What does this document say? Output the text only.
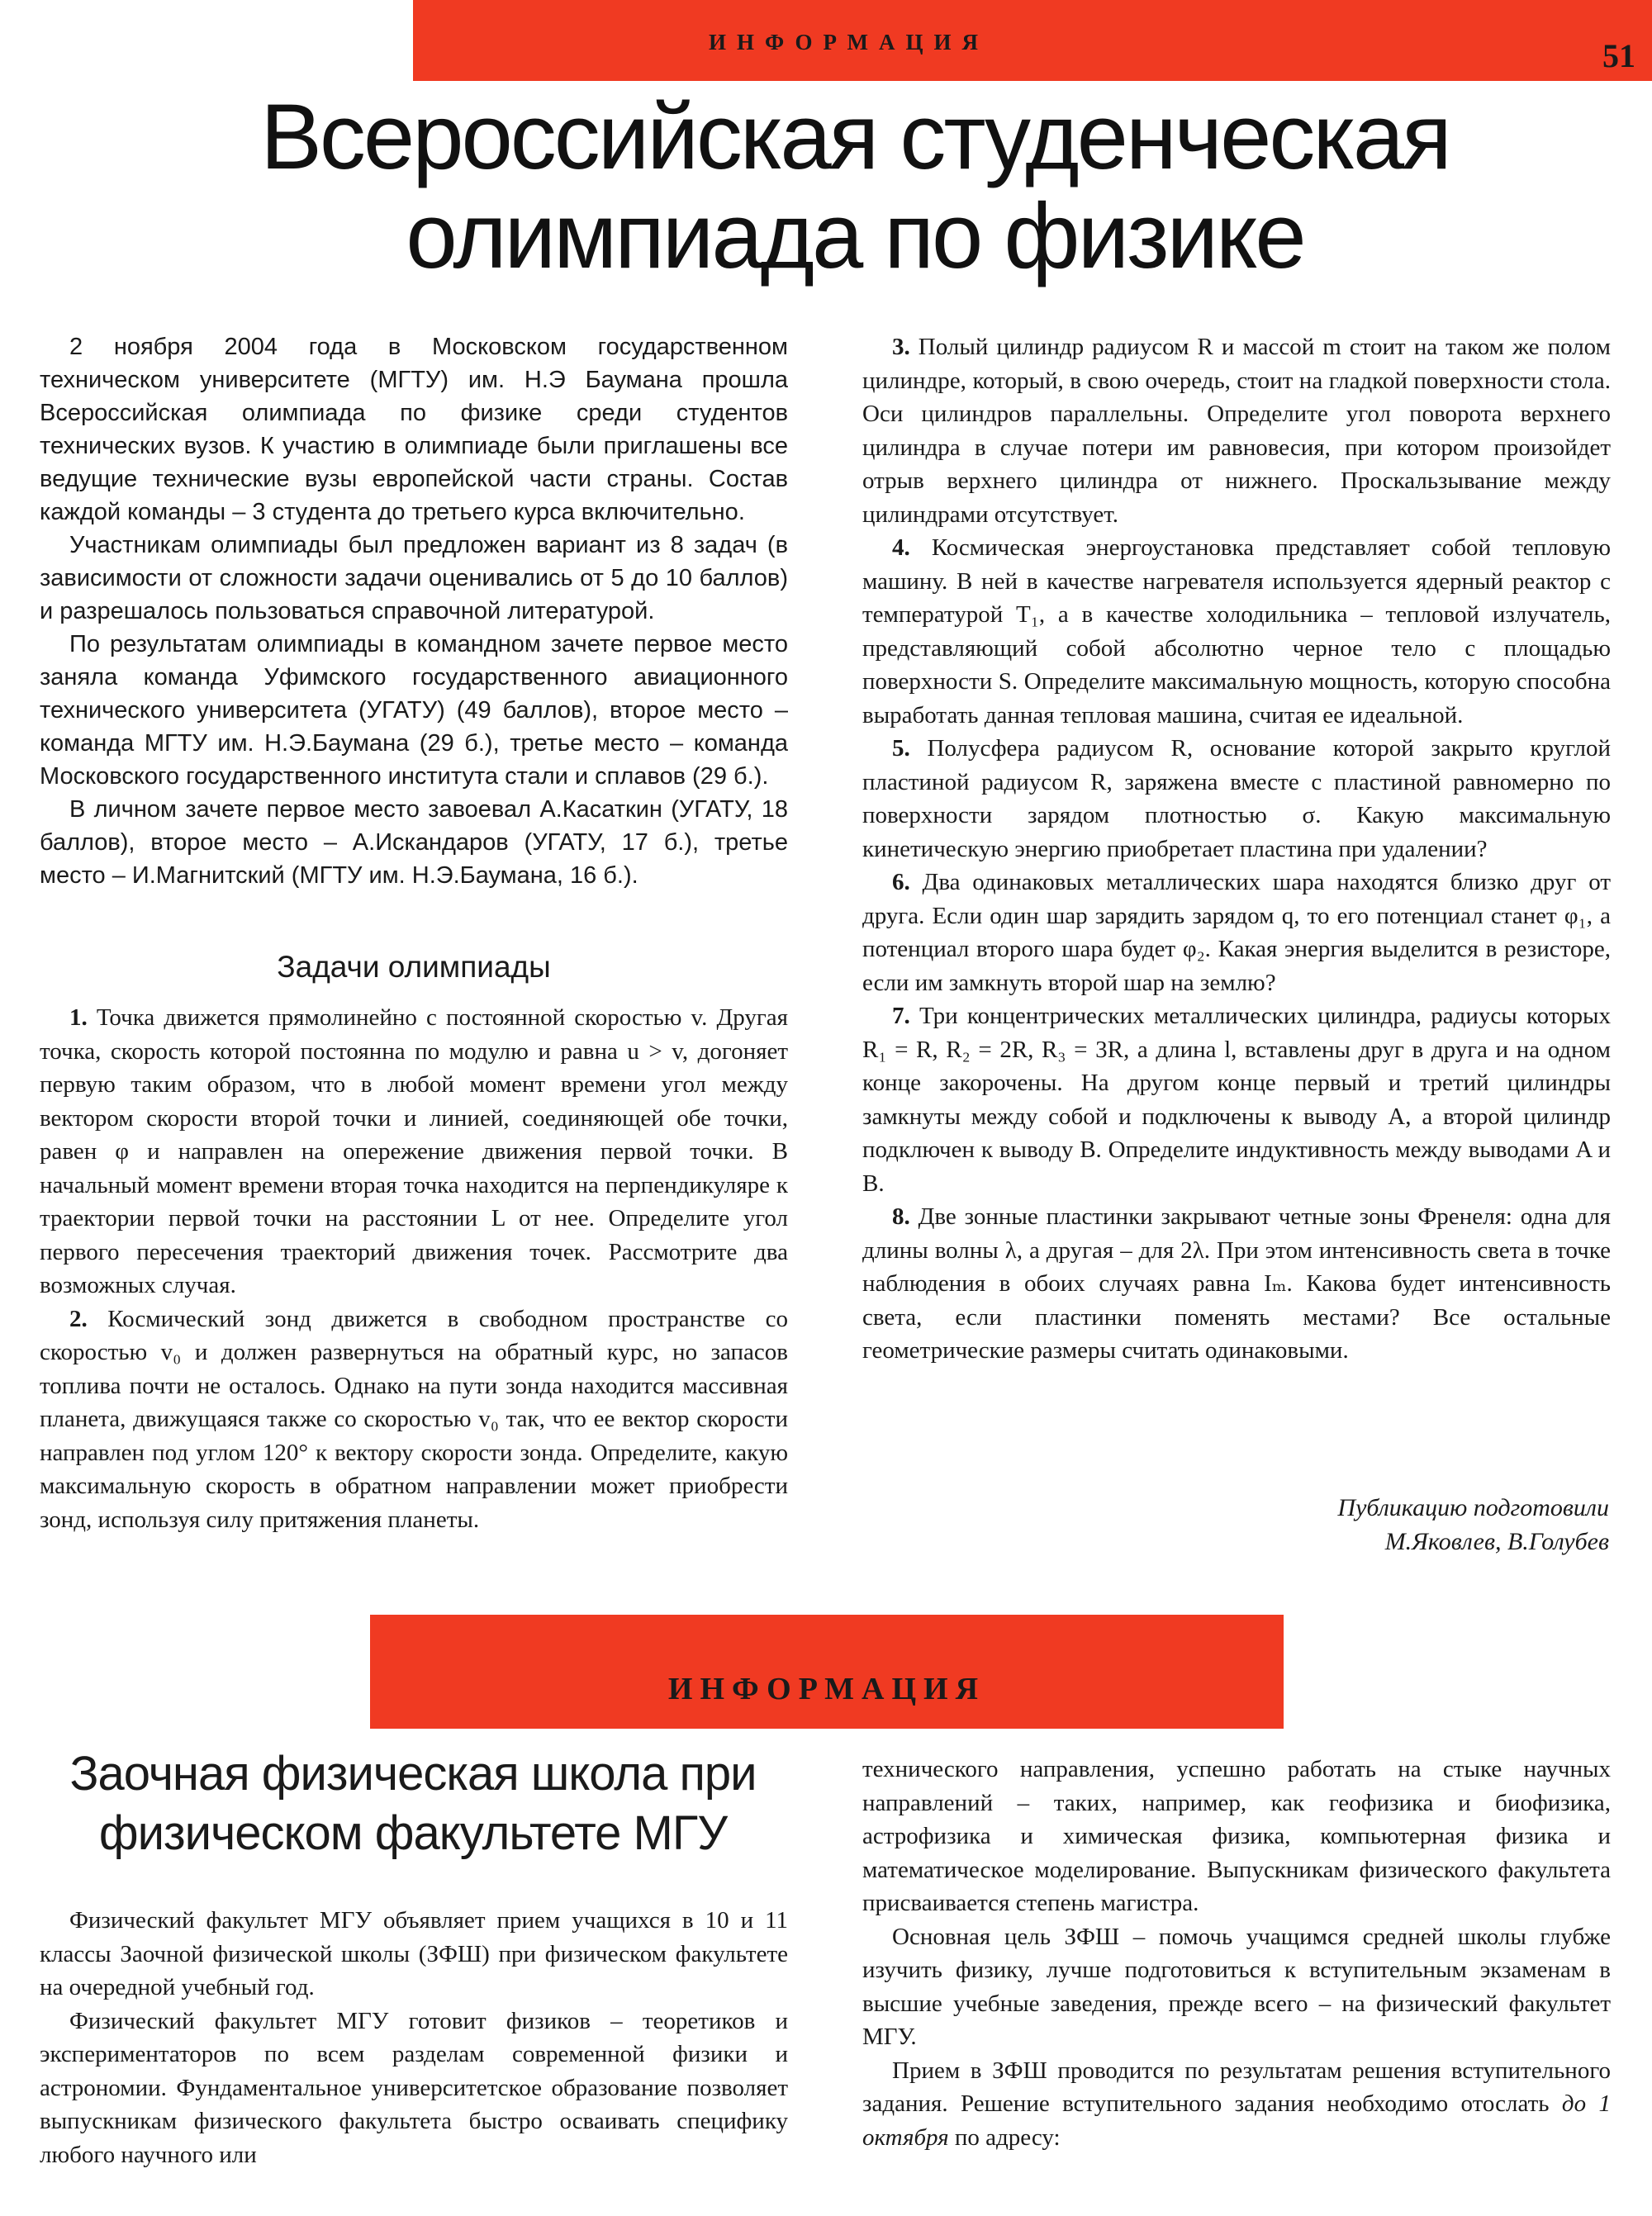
ИНФОРМАЦИЯ	51
Всероссийская студенческая
олимпиада по физике

2 ноября 2004 года в Московском государственном техническом университете (МГТУ) им. Н.Э Баумана прошла Всероссийская олимпиада по физике среди студентов технических вузов. К участию в олимпиаде были приглашены все ведущие технические вузы европейской части страны. Состав каждой команды – 3 студента до третьего курса включительно.

Участникам олимпиады был предложен вариант из 8 задач (в зависимости от сложности задачи оценивались от 5 до 10 баллов) и разрешалось пользоваться справочной литературой.

По результатам олимпиады в командном зачете первое место заняла команда Уфимского государственного авиационного технического университета (УГАТУ) (49 баллов), второе место – команда МГТУ им. Н.Э.Баумана (29 б.), третье место – команда Московского государственного института стали и сплавов (29 б.).

В личном зачете первое место завоевал А.Касаткин (УГАТУ, 18 баллов), второе место – А.Искандаров (УГАТУ, 17 б.), третье место – И.Магнитский (МГТУ им. Н.Э.Баумана, 16 б.).

Задачи олимпиады

1. Точка движется прямолинейно с постоянной скоростью v. Другая точка, скорость которой постоянна по модулю и равна u > v, догоняет первую таким образом, что в любой момент времени угол между вектором скорости второй точки и линией, соединяющей обе точки, равен φ и направлен на опережение движения первой точки. В начальный момент времени вторая точка находится на перпендикуляре к траектории первой точки на расстоянии L от нее. Определите угол первого пересечения траекторий движения точек. Рассмотрите два возможных случая.

2. Космический зонд движется в свободном пространстве со скоростью v₀ и должен развернуться на обратный курс, но запасов топлива почти не осталось. Однако на пути зонда находится массивная планета, движущаяся также со скоростью v₀ так, что ее вектор скорости направлен под углом 120° к вектору скорости зонда. Определите, какую максимальную скорость в обратном направлении может приобрести зонд, используя силу притяжения планеты.

3. Полый цилиндр радиусом R и массой m стоит на таком же полом цилиндре, который, в свою очередь, стоит на гладкой поверхности стола. Оси цилиндров параллельны. Определите угол поворота верхнего цилиндра в случае потери им равновесия, при котором произойдет отрыв верхнего цилиндра от нижнего. Проскальзывание между цилиндрами отсутствует.

4. Космическая энергоустановка представляет собой тепловую машину. В ней в качестве нагревателя используется ядерный реактор с температурой T₁, а в качестве холодильника – тепловой излучатель, представляющий собой абсолютно черное тело с площадью поверхности S. Определите максимальную мощность, которую способна выработать данная тепловая машина, считая ее идеальной.

5. Полусфера радиусом R, основание которой закрыто круглой пластиной радиусом R, заряжена вместе с пластиной равномерно по поверхности зарядом плотностью σ. Какую максимальную кинетическую энергию приобретает пластина при удалении?

6. Два одинаковых металлических шара находятся близко друг от друга. Если один шар зарядить зарядом q, то его потенциал станет φ₁, а потенциал второго шара будет φ₂. Какая энергия выделится в резисторе, если им замкнуть второй шар на землю?

7. Три концентрических металлических цилиндра, радиусы которых R₁ = R, R₂ = 2R, R₃ = 3R, а длина l, вставлены друг в друга и на одном конце закорочены. На другом конце первый и третий цилиндры замкнуты между собой и подключены к выводу A, а второй цилиндр подключен к выводу B. Определите индуктивность между выводами A и B.

8. Две зонные пластинки закрывают четные зоны Френеля: одна для длины волны λ, а другая – для 2λ. При этом интенсивность света в точке наблюдения в обоих случаях равна Iₘ. Какова будет интенсивность света, если пластинки поменять местами? Все остальные геометрические размеры считать одинаковыми.

Публикацию подготовили
М.Яковлев, В.Голубев
ИНФОРМАЦИЯ
Заочная физическая школа при
физическом факультете МГУ

Физический факультет МГУ объявляет прием учащихся в 10 и 11 классы Заочной физической школы (ЗФШ) при физическом факультете на очередной учебный год.

Физический факультет МГУ готовит физиков – теоретиков и экспериментаторов по всем разделам современной физики и астрономии. Фундаментальное университетское образование позволяет выпускникам физического факультета быстро осваивать специфику любого научного или

технического направления, успешно работать на стыке научных направлений – таких, например, как геофизика и биофизика, астрофизика и химическая физика, компьютерная физика и математическое моделирование. Выпускникам физического факультета присваивается степень магистра.

Основная цель ЗФШ – помочь учащимся средней школы глубже изучить физику, лучше подготовиться к вступительным экзаменам в высшие учебные заведения, прежде всего – на физический факультет МГУ.

Прием в ЗФШ проводится по результатам решения вступительного задания. Решение вступительного задания необходимо отослать до 1 октября по адресу:
